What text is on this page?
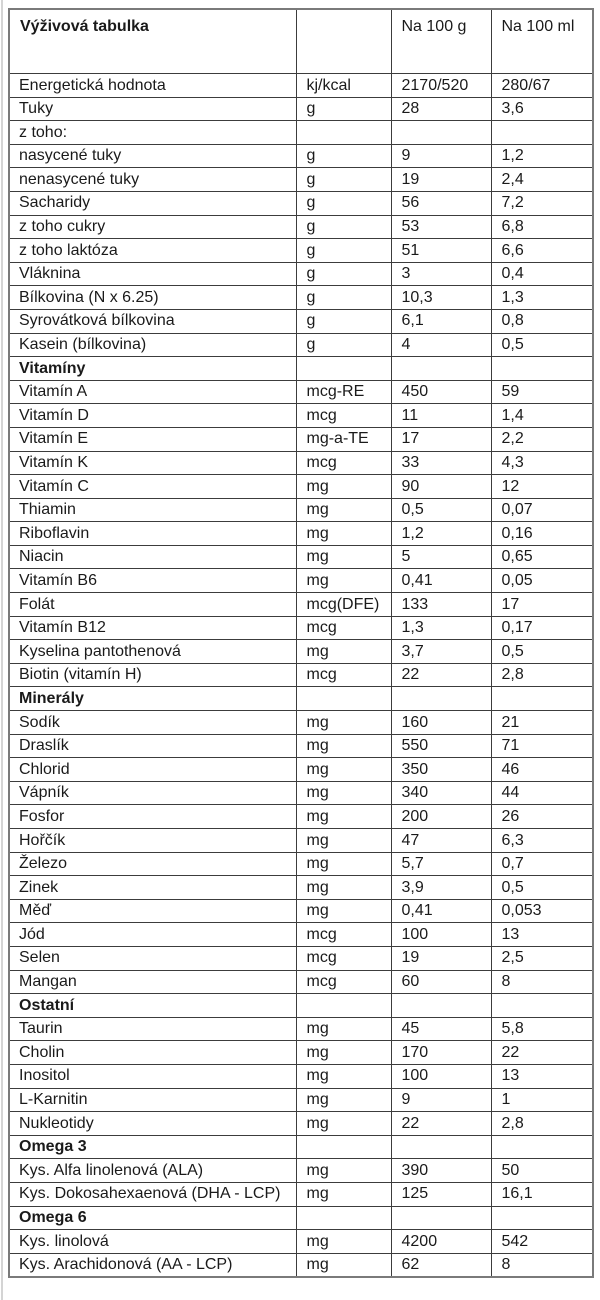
Výživová tabulka		Na 100 g	Na 100 ml
Energetická hodnota	kj/kcal	2170/520	280/67
Tuky	g	28	3,6
z toho:			
nasycené tuky	g	9	1,2
nenasycené tuky	g	19	2,4
Sacharidy	g	56	7,2
z toho cukry	g	53	6,8
z toho laktóza	g	51	6,6
Vláknina	g	3	0,4
Bílkovina (N x 6.25)	g	10,3	1,3
Syrovátková bílkovina	g	6,1	0,8
Kasein (bílkovina)	g	4	0,5
Vitamíny			
Vitamín A	mcg-RE	450	59
Vitamín D	mcg	11	1,4
Vitamín E	mg-a-TE	17	2,2
Vitamín K	mcg	33	4,3
Vitamín C	mg	90	12
Thiamin	mg	0,5	0,07
Riboflavin	mg	1,2	0,16
Niacin	mg	5	0,65
Vitamín B6	mg	0,41	0,05
Folát	mcg(DFE)	133	17
Vitamín B12	mcg	1,3	0,17
Kyselina pantothenová	mg	3,7	0,5
Biotin (vitamín H)	mcg	22	2,8
Minerály			
Sodík	mg	160	21
Draslík	mg	550	71
Chlorid	mg	350	46
Vápník	mg	340	44
Fosfor	mg	200	26
Hořčík	mg	47	6,3
Železo	mg	5,7	0,7
Zinek	mg	3,9	0,5
Měď	mg	0,41	0,053
Jód	mcg	100	13
Selen	mcg	19	2,5
Mangan	mcg	60	8
Ostatní			
Taurin	mg	45	5,8
Cholin	mg	170	22
Inositol	mg	100	13
L-Karnitin	mg	9	1
Nukleotidy	mg	22	2,8
Omega 3			
Kys. Alfa linolenová (ALA)	mg	390	50
Kys. Dokosahexaenová (DHA - LCP)	mg	125	16,1
Omega 6			
Kys. linolová	mg	4200	542
Kys. Arachidonová (AA - LCP)	mg	62	8
